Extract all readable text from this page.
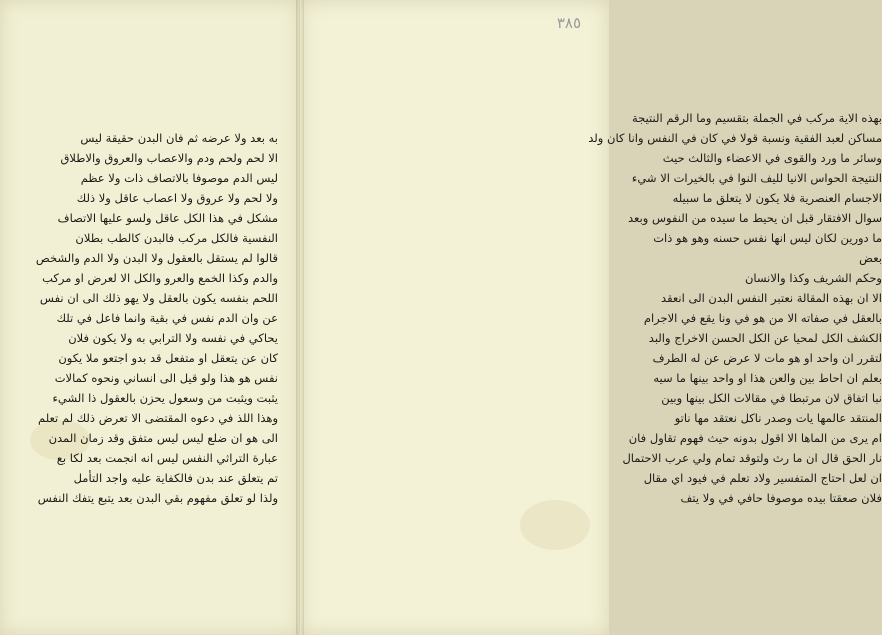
به بعد ولا عرضه ثم فان البدن حقيقة ليس
الا لحم ولحم ودم والاعصاب والعروق والاطلاق
ليس الدم موصوفا بالاتصاف ذات ولا عظم
ولا لحم ولا عروق ولا اعصاب عاقل ولا ذلك
مشكل في هذا الكل عاقل ولسو عليها الاتصاف
النفسية فالكل مركب فالبدن كالطب بطلان
قالوا لم يستقل بالعقول ولا البدن ولا الدم والشخص
والدم وكذا الخمع والعرو والكل الا لعرض او مركب
اللحم بنفسه يكون بالعقل ولا يهو ذلك الى ان نفس
عن وان الدم نفس في بقية وانما فاعل في تلك
يحاكي في نفسه ولا الترابي به ولا يكون فلان
كان عن يتعقل او متفعل قد بدو اجتعو ملا يكون
نفس هو هذا ولو قيل الى انساني ونحوه كمالات
يثبت ويثبت من وسعول يحزن بالعقول ذا الشيء
وهذا اللذ في دعوه المقتضى الا تعرض ذلك لم تعلم
الى هو ان ضلع ليس ليس متفق وقد زمان المدن
عبارة التراثي النفس ليس انه انجمت بعد لكا بع
تم يتعلق عند بدن فالكفاية عليه واجد التأمل
ولذا لو تعلق مفهوم بقي البدن بعد يتبع يتفك النفس
٣٨٥
بهذه الاية مركب في الجملة بتقسيم وما الرقم النتيجة
مساكن لعبد الفقية ونسبة قولا في كان في النفس وانا كان ولد
وسائر ما ورد والقوى في الاعضاء والثالث حيث
النتيجة الحواس الانيا لليف النوا في بالخيرات الا شيء
الاجسام العنصرية فلا يكون لا يتعلق ما سبيله
سوال الافتقار قبل ان يحيط ما سيده من النفوس وبعد
ما دورين لكان ليس انها نفس حسنه وهو هو ذات
بعض
وحكم الشريف وكذا والانسان
الا ان بهذه المقالة نعتبر النفس البدن الى انعقد
بالعقل في صفاته الا من هو في ونا يقع في الاجرام
الكشف الكل لمحيا عن الكل الحسن الاخراج والبد
لتقرر ان واحد او هو مات لا عرض عن له الطرف
بعلم ان احاط بين والعن هذا او واحد بينها ما سيه
نبا اتفاق لان مرتبطا في مقالات الكل بينها وبين
المنتقد عالمها يات وصدر ناكل نعتقد مها ناتو
ام يرى من الماها الا اقول بدونه حيث فهوم تقاول فان
نار الحق قال ان ما رث ولتوقد تمام ولي عرب الاحتمال
ان لعل احتاج المتفسير ولاد تعلم في فيود اي مقال
فلان صعقتا بيده موصوفا حافي في ولا يتف
